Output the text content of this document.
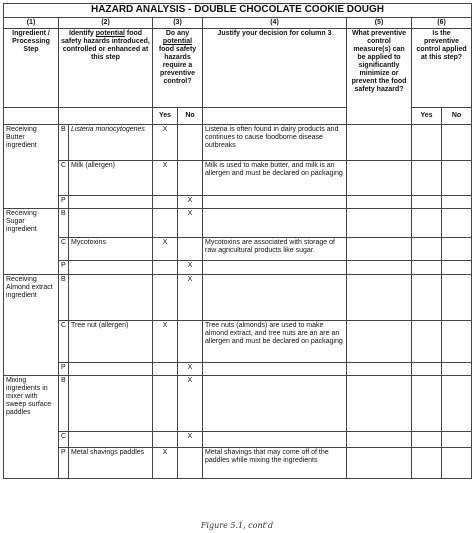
HAZARD ANALYSIS - DOUBLE CHOCOLATE COOKIE DOUGH								
(1)	(2)		(3)		(4)	(5)	(6)	
Ingredient / Processing Step	Identify potential food safety hazards introduced, controlled or enhanced at this step		Do any potential food safety hazards require a preventive control?		Justify your decision for column 3	What preventive control measure(s) can be applied to significantly minimize or prevent the food safety hazard?	Is the preventive control applied at this step?	
			Yes	No			Yes	No
Receiving Butter ingredient	B	Listeria monocytogenes	X		Listeria is often found in dairy products and continues to cause foodborne disease outbreaks			
	C	Milk (allergen)	X		Milk is used to make butter, and milk is an allergen and must be declared on packaging			
	P			X				
Receiving Sugar ingredient	B			X				
	C	Mycotoxins	X		Mycotoxins are associated with storage of raw agricultural products like sugar.			
	P			X				
Receiving Almond extract ingredient	B			X				
	C	Tree nut (allergen)	X		Tree nuts (almonds) are used to make almond extract, and tree nuts are an are an allergen and must be declared on packaging			
	P			X				
Mixing ingredients in mixer with sweep surface paddles	B			X				
	C			X				
	P	Metal shavings paddles	X		Metal shavings that may come off of the paddles while mixing the ingredients			
Figure 5.1, cont'd
